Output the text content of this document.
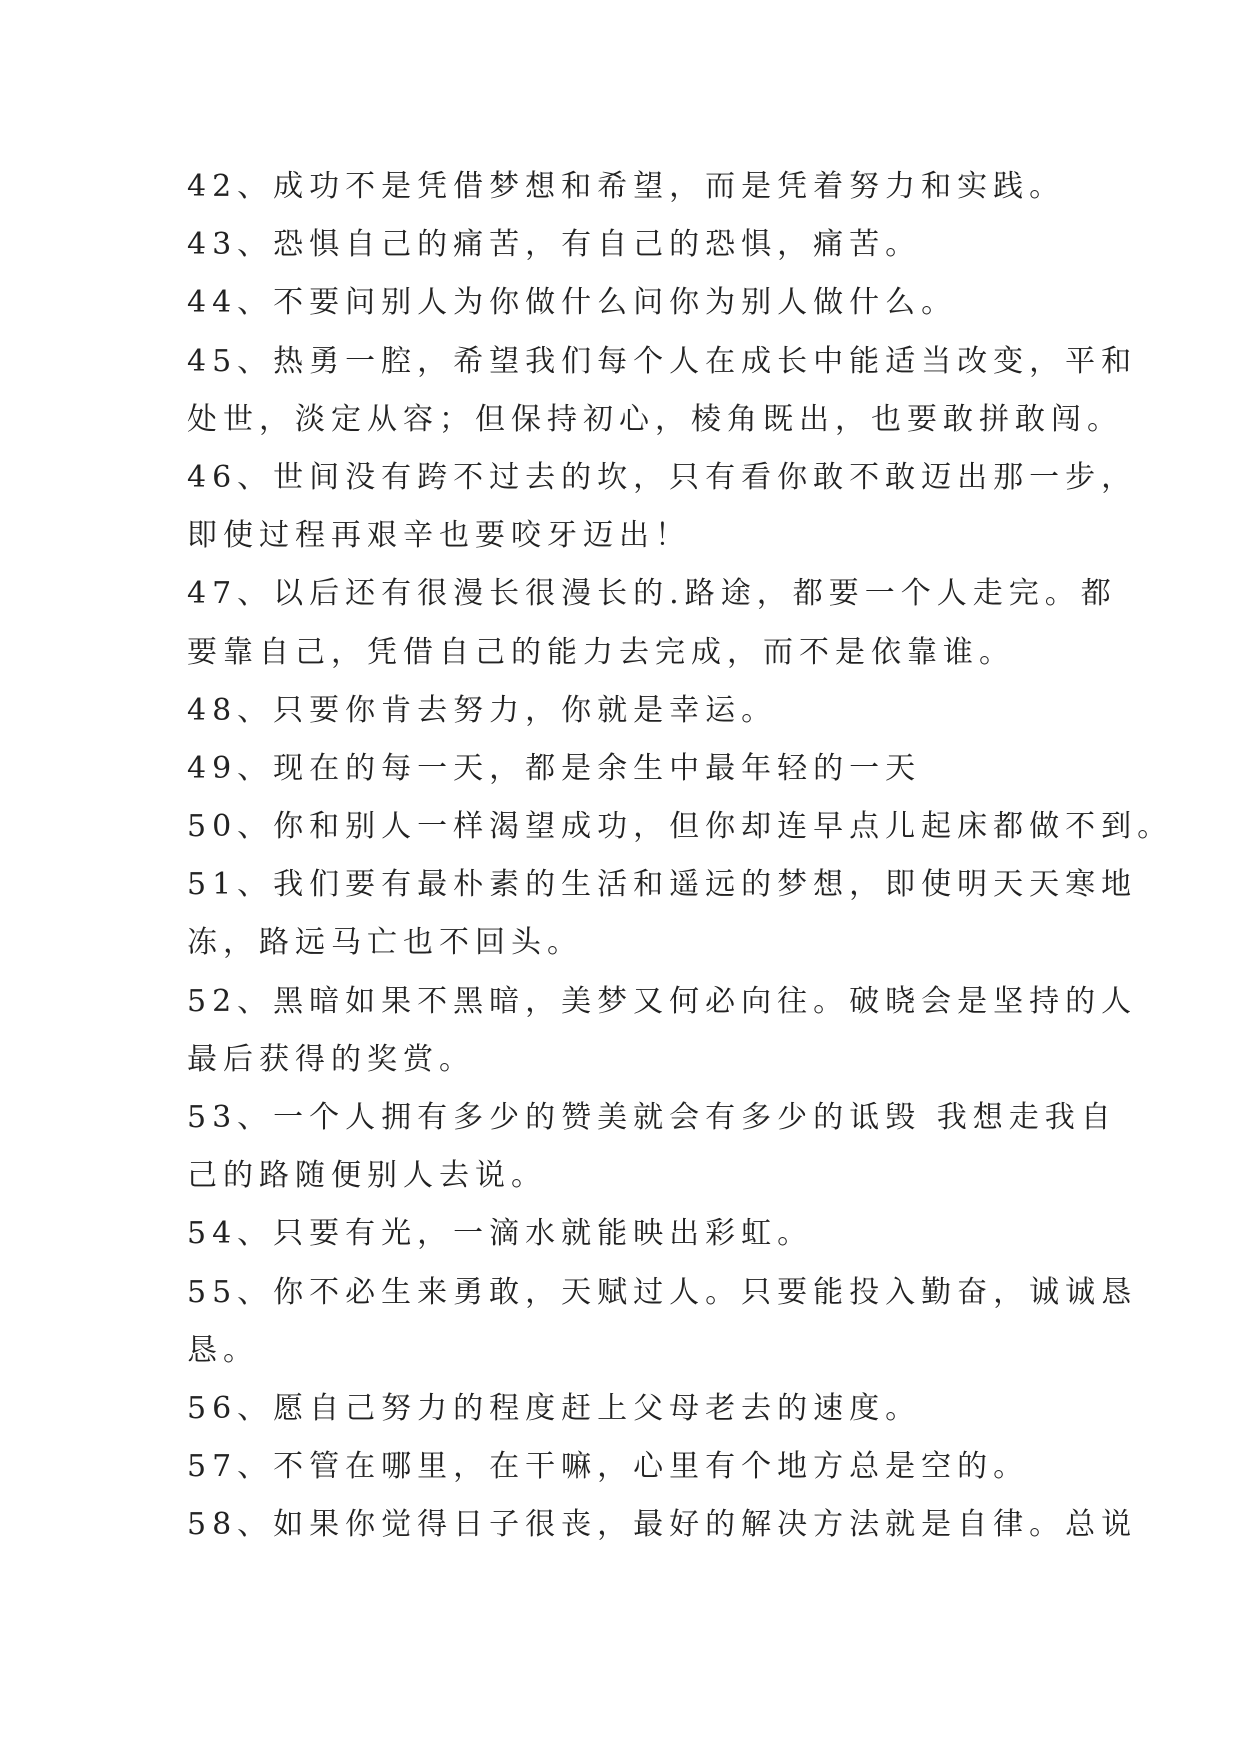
42、成功不是凭借梦想和希望，而是凭着努力和实践。
43、恐惧自己的痛苦，有自己的恐惧，痛苦。
44、不要问别人为你做什么问你为别人做什么。
45、热勇一腔，希望我们每个人在成长中能适当改变，平和
处世，淡定从容；但保持初心，棱角既出，也要敢拼敢闯。
46、世间没有跨不过去的坎，只有看你敢不敢迈出那一步，
即使过程再艰辛也要咬牙迈出！
47、以后还有很漫长很漫长的.路途，都要一个人走完。都
要靠自己，凭借自己的能力去完成，而不是依靠谁。
48、只要你肯去努力，你就是幸运。
49、现在的每一天，都是余生中最年轻的一天
50、你和别人一样渴望成功，但你却连早点儿起床都做不到。
51、我们要有最朴素的生活和遥远的梦想，即使明天天寒地
冻，路远马亡也不回头。
52、黑暗如果不黑暗，美梦又何必向往。破晓会是坚持的人
最后获得的奖赏。
53、一个人拥有多少的赞美就会有多少的诋毁 我想走我自
己的路随便别人去说。
54、只要有光，一滴水就能映出彩虹。
55、你不必生来勇敢，天赋过人。只要能投入勤奋，诚诚恳
恳。
56、愿自己努力的程度赶上父母老去的速度。
57、不管在哪里，在干嘛，心里有个地方总是空的。
58、如果你觉得日子很丧，最好的解决方法就是自律。总说
